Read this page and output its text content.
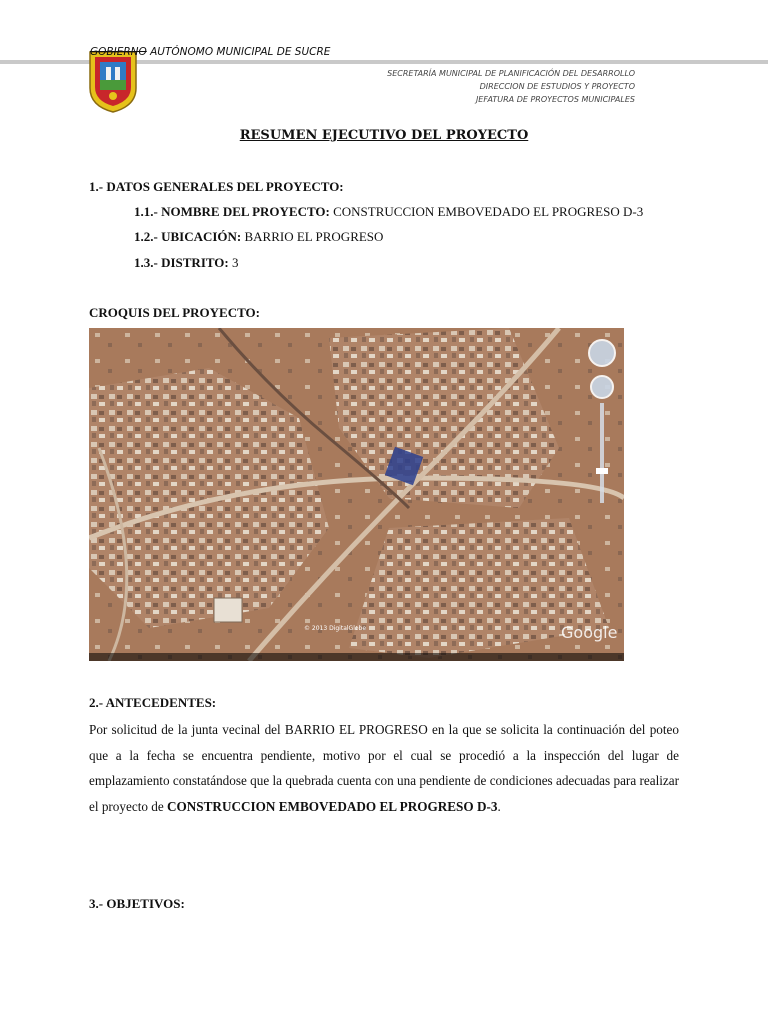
GOBIERNO AUTÓNOMO MUNICIPAL DE SUCRE
SECRETARÍA MUNICIPAL DE PLANIFICACIÓN DEL DESARROLLO
DIRECCION DE ESTUDIOS Y PROYECTO
JEFATURA DE PROYECTOS MUNICIPALES
RESUMEN EJECUTIVO DEL PROYECTO
1.- DATOS GENERALES DEL PROYECTO:
1.1.- NOMBRE DEL PROYECTO: CONSTRUCCION EMBOVEDADO EL PROGRESO D-3
1.2.- UBICACIÓN: BARRIO EL PROGRESO
1.3.- DISTRITO: 3
CROQUIS DEL PROYECTO:
Google
© 2013 DigitalGlobe
2.- ANTECEDENTES:
Por solicitud de la junta vecinal del BARRIO EL PROGRESO en la que se solicita la continuación del poteo que a la fecha se encuentra pendiente, motivo por el cual se procedió a la inspección del lugar de emplazamiento constatándose que la quebrada cuenta con una pendiente de condiciones adecuadas para realizar el proyecto de CONSTRUCCION EMBOVEDADO EL PROGRESO D-3.
3.- OBJETIVOS:
